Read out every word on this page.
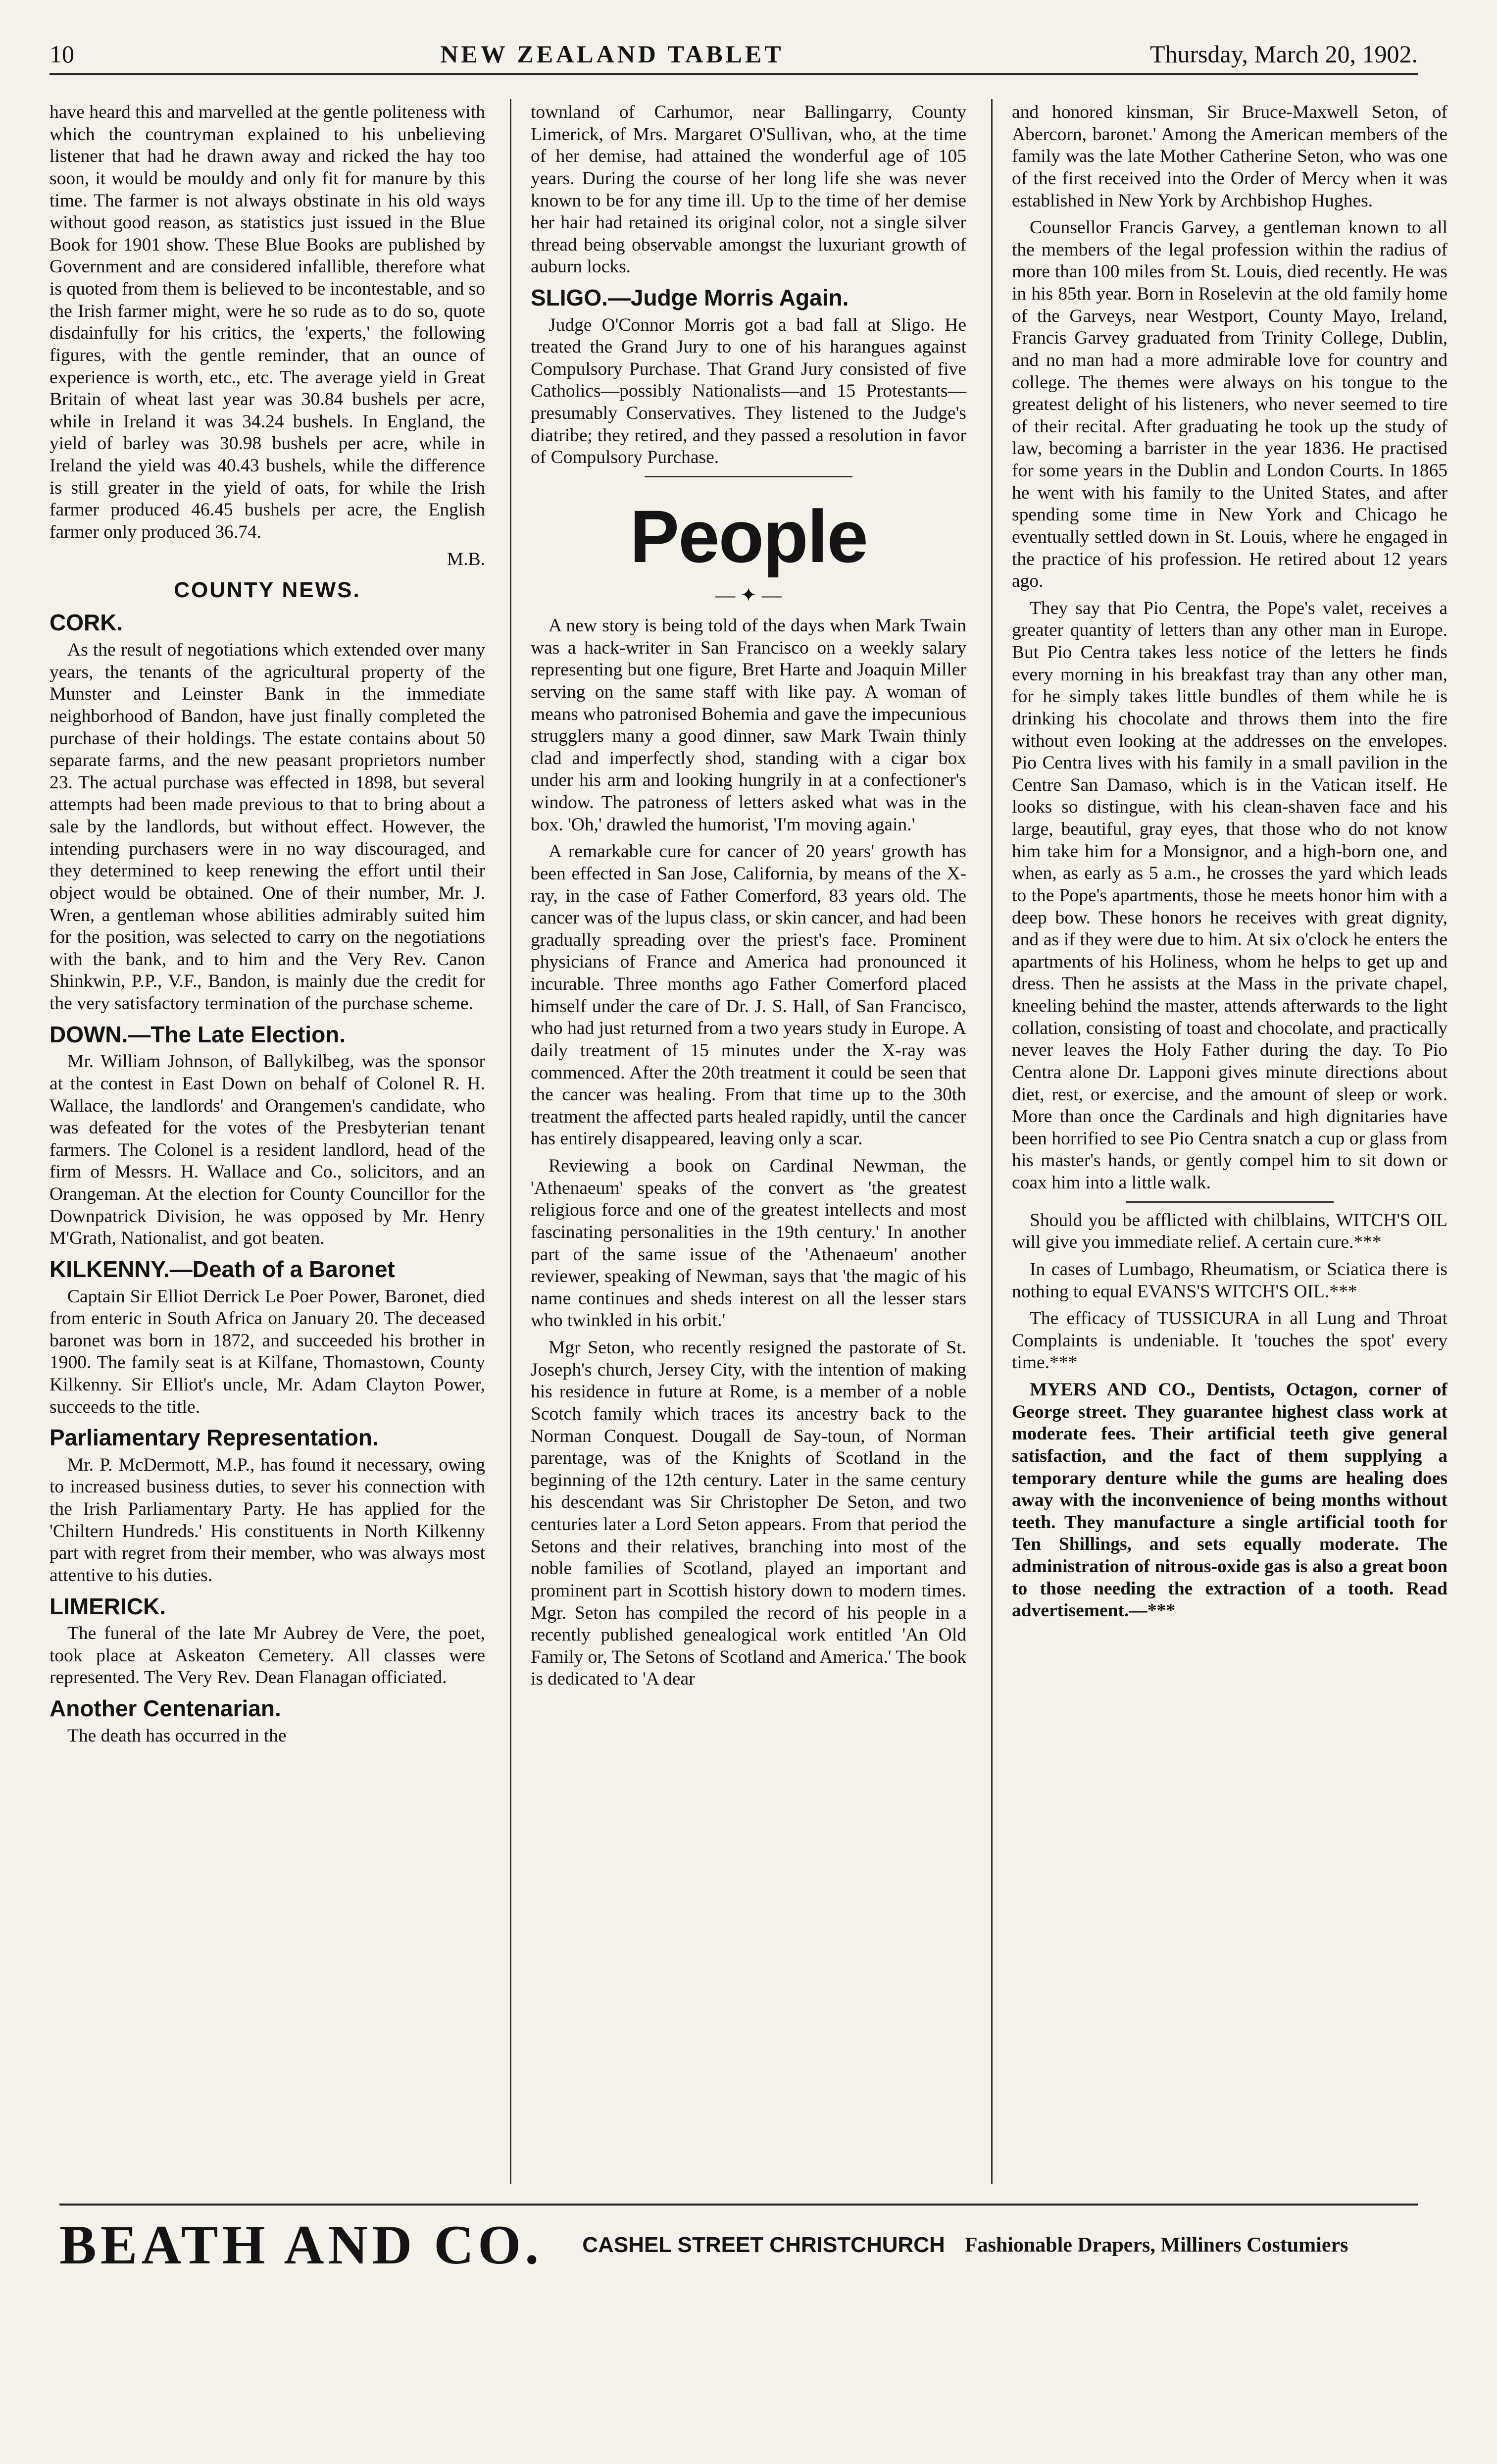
10	NEW ZEALAND TABLET	Thursday, March 20, 1902.

have heard this and marvelled at the gentle politeness with which the countryman explained to his unbelieving listener that had he drawn away and ricked the hay too soon, it would be mouldy and only fit for manure by this time. The farmer is not always obstinate in his old ways without good reason, as statistics just issued in the Blue Book for 1901 show. These Blue Books are published by Government and are considered infallible, therefore what is quoted from them is believed to be incontestable, and so the Irish farmer might, were he so rude as to do so, quote disdainfully for his critics, the 'experts,' the following figures, with the gentle reminder, that an ounce of experience is worth, etc., etc. The average yield in Great Britain of wheat last year was 30.84 bushels per acre, while in Ireland it was 34.24 bushels. In England, the yield of barley was 30.98 bushels per acre, while in Ireland the yield was 40.43 bushels, while the difference is still greater in the yield of oats, for while the Irish farmer produced 46.45 bushels per acre, the English farmer only produced 36.74.

M.B.
COUNTY NEWS.
CORK.

As the result of negotiations which extended over many years, the tenants of the agricultural property of the Munster and Leinster Bank in the immediate neighborhood of Bandon, have just finally completed the purchase of their holdings. The estate contains about 50 separate farms, and the new peasant proprietors number 23. The actual purchase was effected in 1898, but several attempts had been made previous to that to bring about a sale by the landlords, but without effect. However, the intending purchasers were in no way discouraged, and they determined to keep renewing the effort until their object would be obtained. One of their number, Mr. J. Wren, a gentleman whose abilities admirably suited him for the position, was selected to carry on the negotiations with the bank, and to him and the Very Rev. Canon Shinkwin, P.P., V.F., Bandon, is mainly due the credit for the very satisfactory termination of the purchase scheme.

DOWN.—The Late Election.

Mr. William Johnson, of Ballykilbeg, was the sponsor at the contest in East Down on behalf of Colonel R. H. Wallace, the landlords' and Orangemen's candidate, who was defeated for the votes of the Presbyterian tenant farmers. The Colonel is a resident landlord, head of the firm of Messrs. H. Wallace and Co., solicitors, and an Orangeman. At the election for County Councillor for the Downpatrick Division, he was opposed by Mr. Henry M'Grath, Nationalist, and got beaten.

KILKENNY.—Death of a Baronet

Captain Sir Elliot Derrick Le Poer Power, Baronet, died from enteric in South Africa on January 20. The deceased baronet was born in 1872, and succeeded his brother in 1900. The family seat is at Kilfane, Thomastown, County Kilkenny. Sir Elliot's uncle, Mr. Adam Clayton Power, succeeds to the title.

Parliamentary Representation.

Mr. P. McDermott, M.P., has found it necessary, owing to increased business duties, to sever his connection with the Irish Parliamentary Party. He has applied for the 'Chiltern Hundreds.' His constituents in North Kilkenny part with regret from their member, who was always most attentive to his duties.

LIMERICK.

The funeral of the late Mr Aubrey de Vere, the poet, took place at Askeaton Cemetery. All classes were represented. The Very Rev. Dean Flanagan officiated.

Another Centenarian.

The death has occurred in the

townland of Carhumor, near Ballingarry, County Limerick, of Mrs. Margaret O'Sullivan, who, at the time of her demise, had attained the wonderful age of 105 years. During the course of her long life she was never known to be for any time ill. Up to the time of her demise her hair had retained its original color, not a single silver thread being observable amongst the luxuriant growth of auburn locks.

SLIGO.—Judge Morris Again.

Judge O'Connor Morris got a bad fall at Sligo. He treated the Grand Jury to one of his harangues against Compulsory Purchase. That Grand Jury consisted of five Catholics—possibly Nationalists—and 15 Protestants—presumably Conservatives. They listened to the Judge's diatribe; they retired, and they passed a resolution in favor of Compulsory Purchase.

People
— ✦ —

A new story is being told of the days when Mark Twain was a hack-writer in San Francisco on a weekly salary representing but one figure, Bret Harte and Joaquin Miller serving on the same staff with like pay. A woman of means who patronised Bohemia and gave the impecunious strugglers many a good dinner, saw Mark Twain thinly clad and imperfectly shod, standing with a cigar box under his arm and looking hungrily in at a confectioner's window. The patroness of letters asked what was in the box. 'Oh,' drawled the humorist, 'I'm moving again.'

A remarkable cure for cancer of 20 years' growth has been effected in San Jose, California, by means of the X-ray, in the case of Father Comerford, 83 years old. The cancer was of the lupus class, or skin cancer, and had been gradually spreading over the priest's face. Prominent physicians of France and America had pronounced it incurable. Three months ago Father Comerford placed himself under the care of Dr. J. S. Hall, of San Francisco, who had just returned from a two years study in Europe. A daily treatment of 15 minutes under the X-ray was commenced. After the 20th treatment it could be seen that the cancer was healing. From that time up to the 30th treatment the affected parts healed rapidly, until the cancer has entirely disappeared, leaving only a scar.

Reviewing a book on Cardinal Newman, the 'Athenaeum' speaks of the convert as 'the greatest religious force and one of the greatest intellects and most fascinating personalities in the 19th century.' In another part of the same issue of the 'Athenaeum' another reviewer, speaking of Newman, says that 'the magic of his name continues and sheds interest on all the lesser stars who twinkled in his orbit.'

Mgr Seton, who recently resigned the pastorate of St. Joseph's church, Jersey City, with the intention of making his residence in future at Rome, is a member of a noble Scotch family which traces its ancestry back to the Norman Conquest. Dougall de Say-toun, of Norman parentage, was of the Knights of Scotland in the beginning of the 12th century. Later in the same century his descendant was Sir Christopher De Seton, and two centuries later a Lord Seton appears. From that period the Setons and their relatives, branching into most of the noble families of Scotland, played an important and prominent part in Scottish history down to modern times. Mgr. Seton has compiled the record of his people in a recently published genealogical work entitled 'An Old Family or, The Setons of Scotland and America.' The book is dedicated to 'A dear

and honored kinsman, Sir Bruce-Maxwell Seton, of Abercorn, baronet.' Among the American members of the family was the late Mother Catherine Seton, who was one of the first received into the Order of Mercy when it was established in New York by Archbishop Hughes.

Counsellor Francis Garvey, a gentleman known to all the members of the legal profession within the radius of more than 100 miles from St. Louis, died recently. He was in his 85th year. Born in Roselevin at the old family home of the Garveys, near Westport, County Mayo, Ireland, Francis Garvey graduated from Trinity College, Dublin, and no man had a more admirable love for country and college. The themes were always on his tongue to the greatest delight of his listeners, who never seemed to tire of their recital. After graduating he took up the study of law, becoming a barrister in the year 1836. He practised for some years in the Dublin and London Courts. In 1865 he went with his family to the United States, and after spending some time in New York and Chicago he eventually settled down in St. Louis, where he engaged in the practice of his profession. He retired about 12 years ago.

They say that Pio Centra, the Pope's valet, receives a greater quantity of letters than any other man in Europe. But Pio Centra takes less notice of the letters he finds every morning in his breakfast tray than any other man, for he simply takes little bundles of them while he is drinking his chocolate and throws them into the fire without even looking at the addresses on the envelopes. Pio Centra lives with his family in a small pavilion in the Centre San Damaso, which is in the Vatican itself. He looks so distingue, with his clean-shaven face and his large, beautiful, gray eyes, that those who do not know him take him for a Monsignor, and a high-born one, and when, as early as 5 a.m., he crosses the yard which leads to the Pope's apartments, those he meets honor him with a deep bow. These honors he receives with great dignity, and as if they were due to him. At six o'clock he enters the apartments of his Holiness, whom he helps to get up and dress. Then he assists at the Mass in the private chapel, kneeling behind the master, attends afterwards to the light collation, consisting of toast and chocolate, and practically never leaves the Holy Father during the day. To Pio Centra alone Dr. Lapponi gives minute directions about diet, rest, or exercise, and the amount of sleep or work. More than once the Cardinals and high dignitaries have been horrified to see Pio Centra snatch a cup or glass from his master's hands, or gently compel him to sit down or coax him into a little walk.

Should you be afflicted with chilblains, WITCH'S OIL will give you immediate relief. A certain cure.***

In cases of Lumbago, Rheumatism, or Sciatica there is nothing to equal EVANS'S WITCH'S OIL.***

The efficacy of TUSSICURA in all Lung and Throat Complaints is undeniable. It 'touches the spot' every time.***

MYERS AND CO., Dentists, Octagon, corner of George street. They guarantee highest class work at moderate fees. Their artificial teeth give general satisfaction, and the fact of them supplying a temporary denture while the gums are healing does away with the inconvenience of being months without teeth. They manufacture a single artificial tooth for Ten Shillings, and sets equally moderate. The administration of nitrous-oxide gas is also a great boon to those needing the extraction of a tooth. Read advertisement.—***

BEATH AND CO. CASHEL STREET CHRISTCHURCH Fashionable Drapers, Milliners Costumiers
